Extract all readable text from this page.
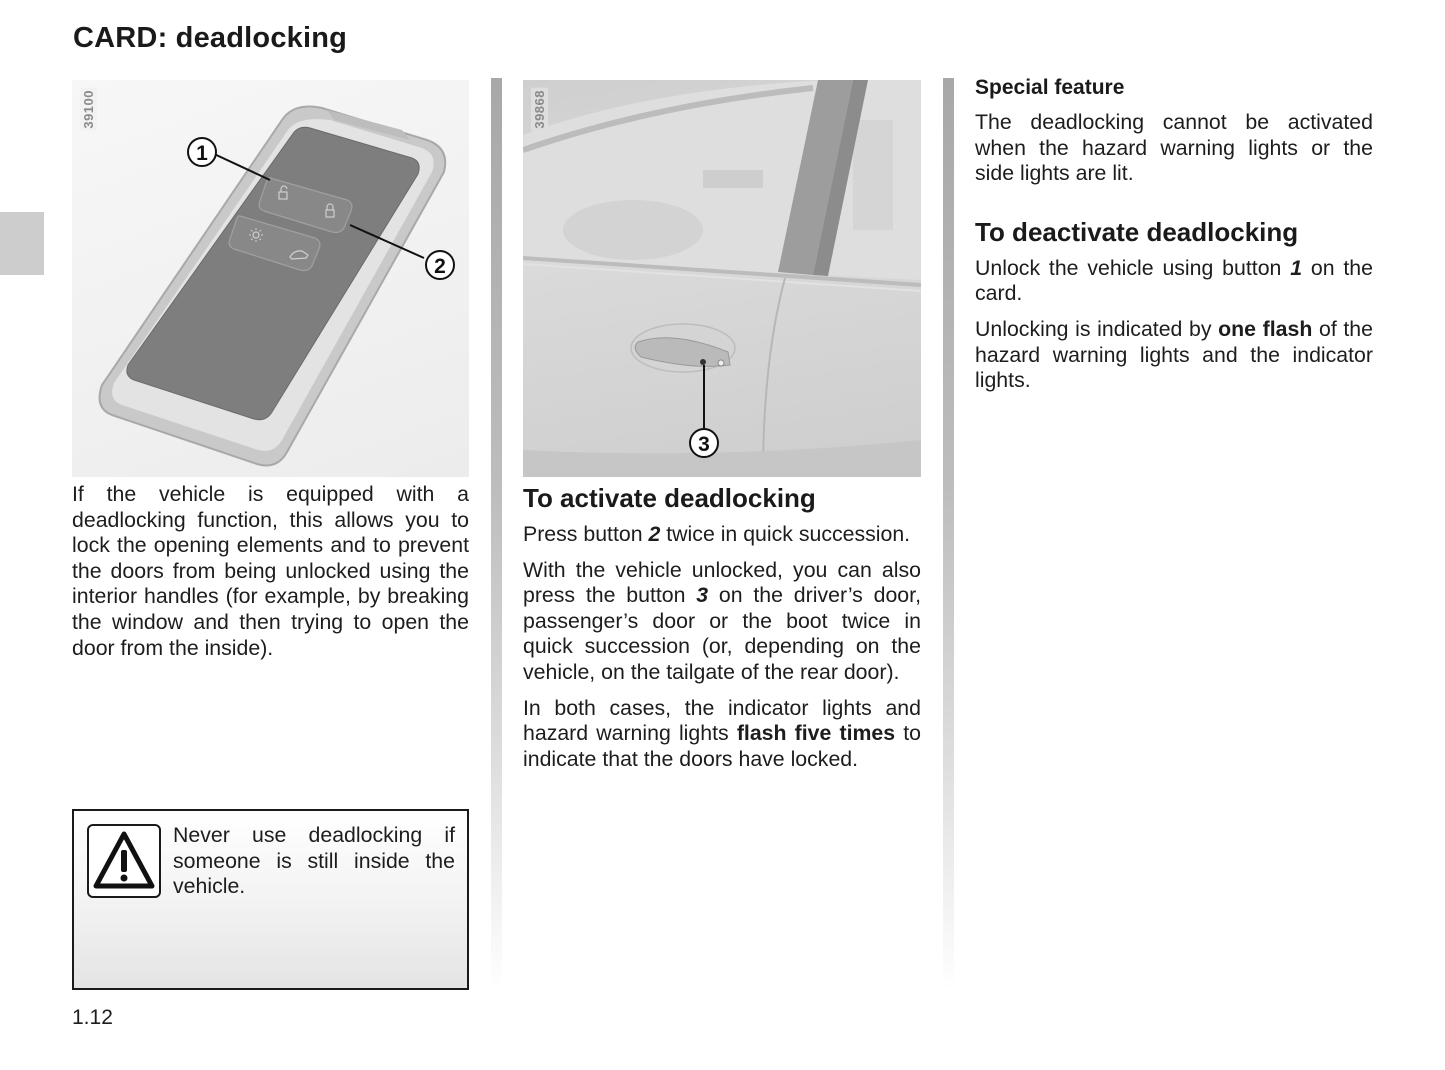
CARD: deadlocking
1
2
39100

If the vehicle is equipped with a deadlocking function, this allows you to lock the opening elements and to prevent the doors from being unlocked using the interior handles (for example, by breaking the window and then trying to open the door from the inside).

Never use deadlocking if someone is still inside the vehicle.
1.12
3
39868
To activate deadlocking

Press button 2 twice in quick succession.

With the vehicle unlocked, you can also press the button 3 on the driver’s door, passenger’s door or the boot twice in quick succession (or, depending on the vehicle, on the tailgate of the rear door).

In both cases, the indicator lights and hazard warning lights flash five times to indicate that the doors have locked.

Special feature

The deadlocking cannot be activated when the hazard warning lights or the side lights are lit.

To deactivate deadlocking

Unlock the vehicle using button 1 on the card.

Unlocking is indicated by one flash of the hazard warning lights and the indicator lights.
